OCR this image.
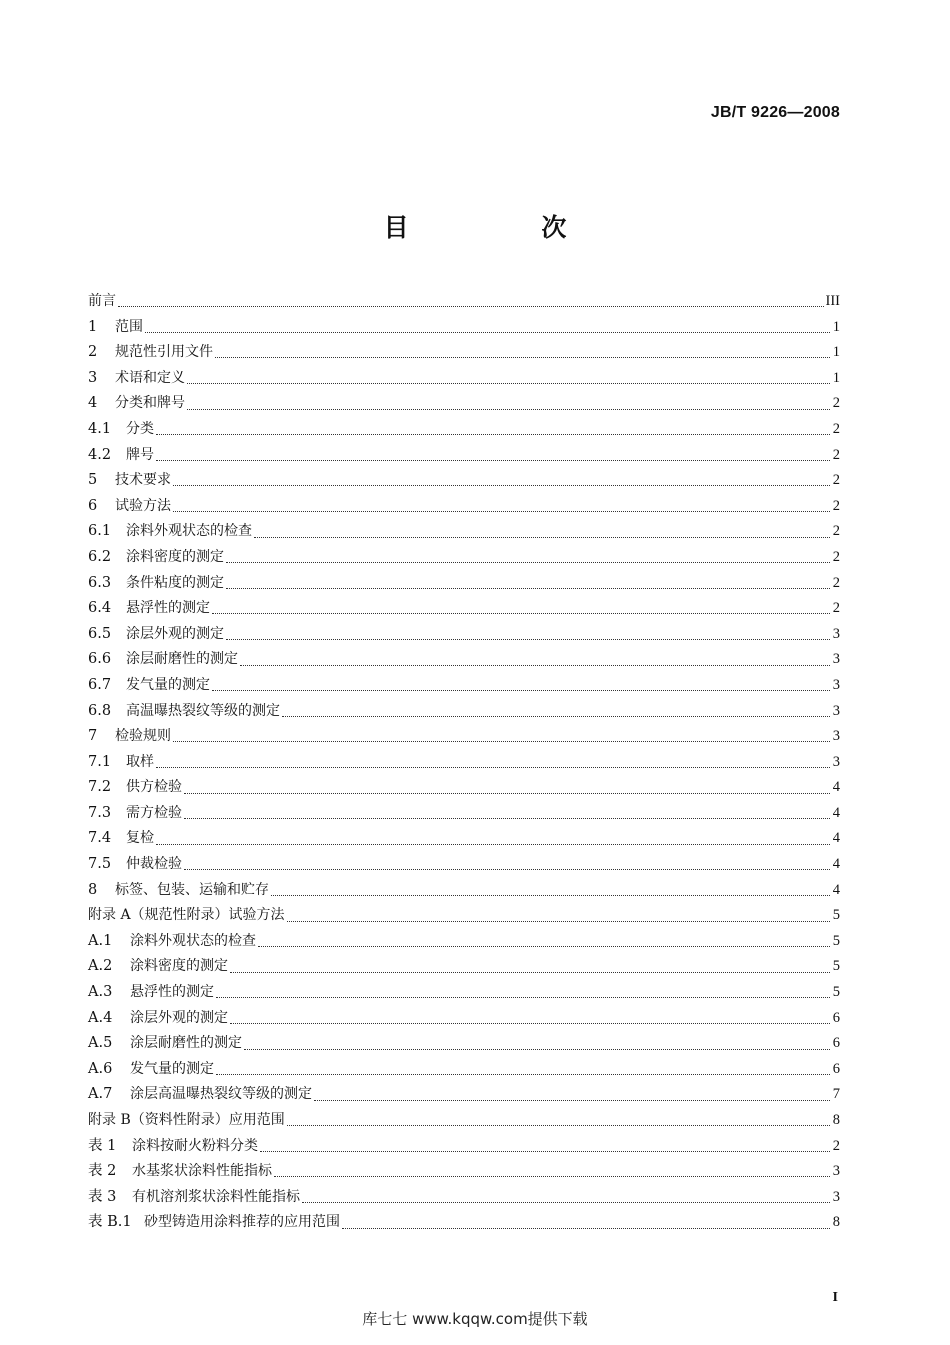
JB/T 9226—2008
目 次
前言	III
1	范围	1
2	规范性引用文件	1
3	术语和定义	1
4	分类和牌号	2
4.1	分类	2
4.2	牌号	2
5	技术要求	2
6	试验方法	2
6.1	涂料外观状态的检查	2
6.2	涂料密度的测定	2
6.3	条件粘度的测定	2
6.4	悬浮性的测定	2
6.5	涂层外观的测定	3
6.6	涂层耐磨性的测定	3
6.7	发气量的测定	3
6.8	高温曝热裂纹等级的测定	3
7	检验规则	3
7.1	取样	3
7.2	供方检验	4
7.3	需方检验	4
7.4	复检	4
7.5	仲裁检验	4
8	标签、包装、运输和贮存	4
附录 A（规范性附录）试验方法	5
A.1	涂料外观状态的检查	5
A.2	涂料密度的测定	5
A.3	悬浮性的测定	5
A.4	涂层外观的测定	6
A.5	涂层耐磨性的测定	6
A.6	发气量的测定	6
A.7	涂层高温曝热裂纹等级的测定	7
附录 B（资料性附录）应用范围	8
表 1	涂料按耐火粉料分类	2
表 2	水基浆状涂料性能指标	3
表 3	有机溶剂浆状涂料性能指标	3
表 B.1 砂型铸造用涂料推荐的应用范围	8
I
库七七 www.kqqw.com提供下载
